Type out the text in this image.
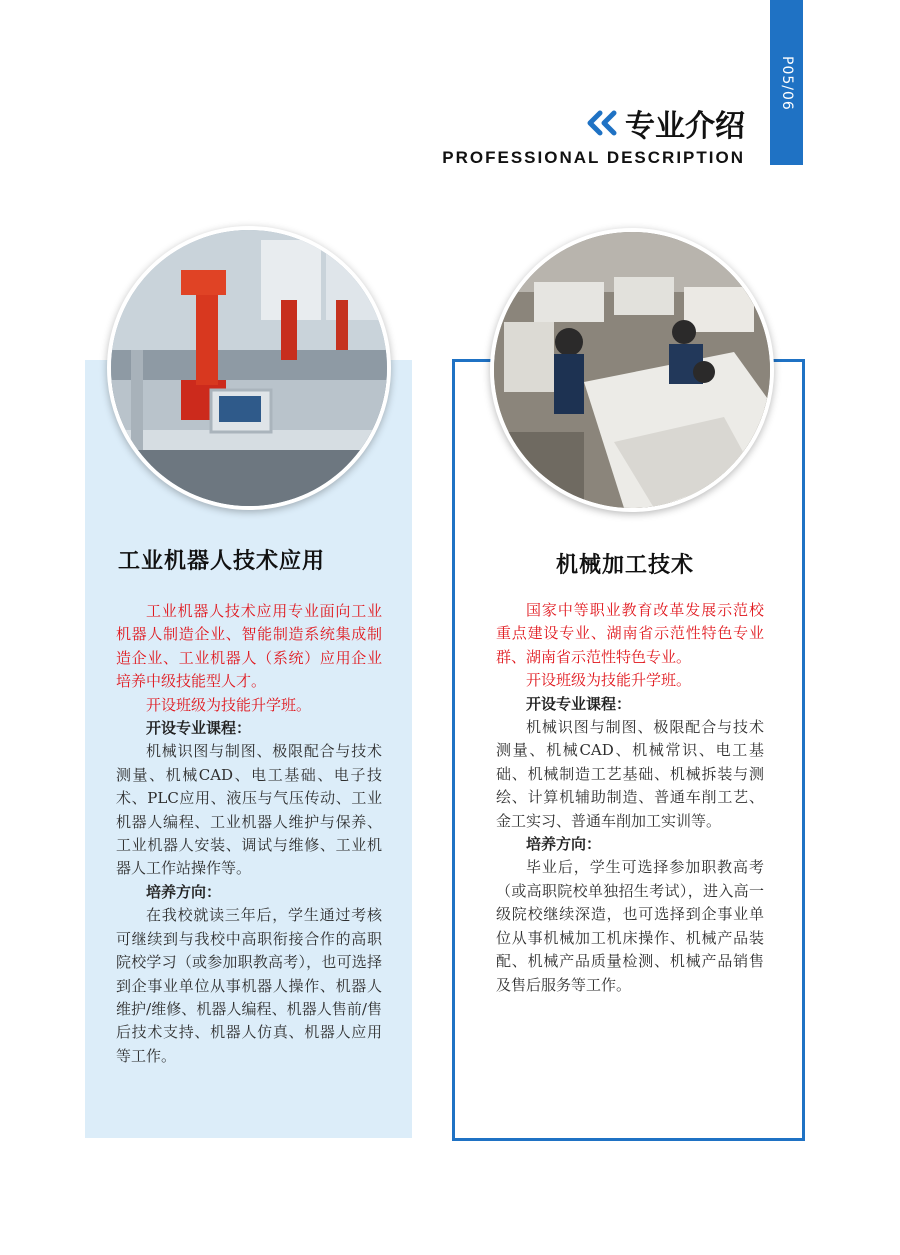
P05/06
专业介绍
PROFESSIONAL DESCRIPTION
工业机器人技术应用	机械加工技术

工业机器人技术应用专业面向工业机器人制造企业、智能制造系统集成制造企业、工业机器人（系统）应用企业培养中级技能型人才。

开设班级为技能升学班。

开设专业课程：

机械识图与制图、极限配合与技术测量、机械CAD、电工基础、电子技术、PLC应用、液压与气压传动、工业机器人编程、工业机器人维护与保养、工业机器人安装、调试与维修、工业机器人工作站操作等。

培养方向：

在我校就读三年后，学生通过考核可继续到与我校中高职衔接合作的高职院校学习（或参加职教高考），也可选择到企事业单位从事机器人操作、机器人维护/维修、机器人编程、机器人售前/售后技术支持、机器人仿真、机器人应用等工作。

国家中等职业教育改革发展示范校重点建设专业、湖南省示范性特色专业群、湖南省示范性特色专业。

开设班级为技能升学班。

开设专业课程：

机械识图与制图、极限配合与技术测量、机械CAD、机械常识、电工基础、机械制造工艺基础、机械拆装与测绘、计算机辅助制造、普通车削工艺、金工实习、普通车削加工实训等。

培养方向：

毕业后，学生可选择参加职教高考（或高职院校单独招生考试），进入高一级院校继续深造，也可选择到企事业单位从事机械加工机床操作、机械产品装配、机械产品质量检测、机械产品销售及售后服务等工作。
